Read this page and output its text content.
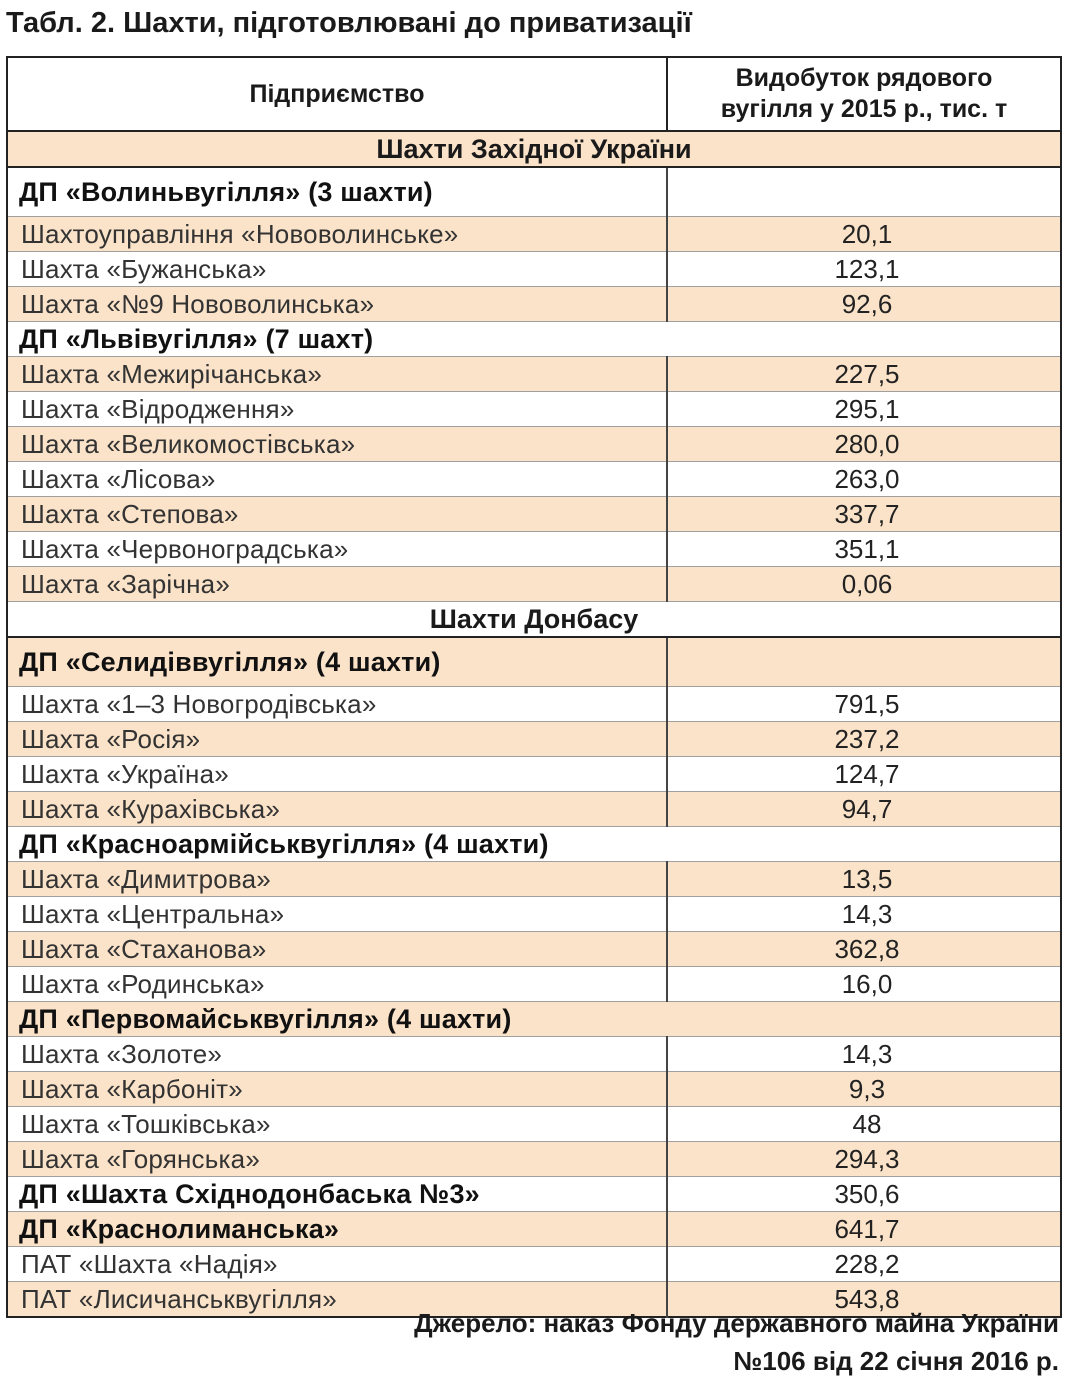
Табл. 2. Шахти, підготовлювані до приватизації
Підприємство	Видобуток рядового
вугілля у 2015 р., тис. т

Шахти Західної України	
ДП «Волиньвугілля» (3 шахти)	
Шахтоуправління «Нововолинське»	20,1
Шахта «Бужанська»	123,1
Шахта «№9 Нововолинська»	92,6
ДП «Львівугілля» (7 шахт)	
Шахта «Межирічанська»	227,5
Шахта «Відродження»	295,1
Шахта «Великомостівська»	280,0
Шахта «Лісова»	263,0
Шахта «Степова»	337,7
Шахта «Червоноградська»	351,1
Шахта «Зарічна»	0,06
Шахти Донбасу	
ДП «Селидіввугілля» (4 шахти)	
Шахта «1–3 Новогродівська»	791,5
Шахта «Росія»	237,2
Шахта «Україна»	124,7
Шахта «Курахівська»	94,7
ДП «Красноармійськвугілля» (4 шахти)	
Шахта «Димитрова»	13,5
Шахта «Центральна»	14,3
Шахта «Стаханова»	362,8
Шахта «Родинська»	16,0
ДП «Первомайськвугілля» (4 шахти)	
Шахта «Золоте»	14,3
Шахта «Карбоніт»	9,3
Шахта «Тошківська»	48
Шахта «Горянська»	294,3
ДП «Шахта Східнодонбаська №3»	350,6
ДП «Краснолиманська»	641,7
ПАТ «Шахта «Надія»	228,2
ПАТ «Лисичанськвугілля»	543,8
Джерело: наказ Фонду державного майна України
№106 від 22 січня 2016 р.
